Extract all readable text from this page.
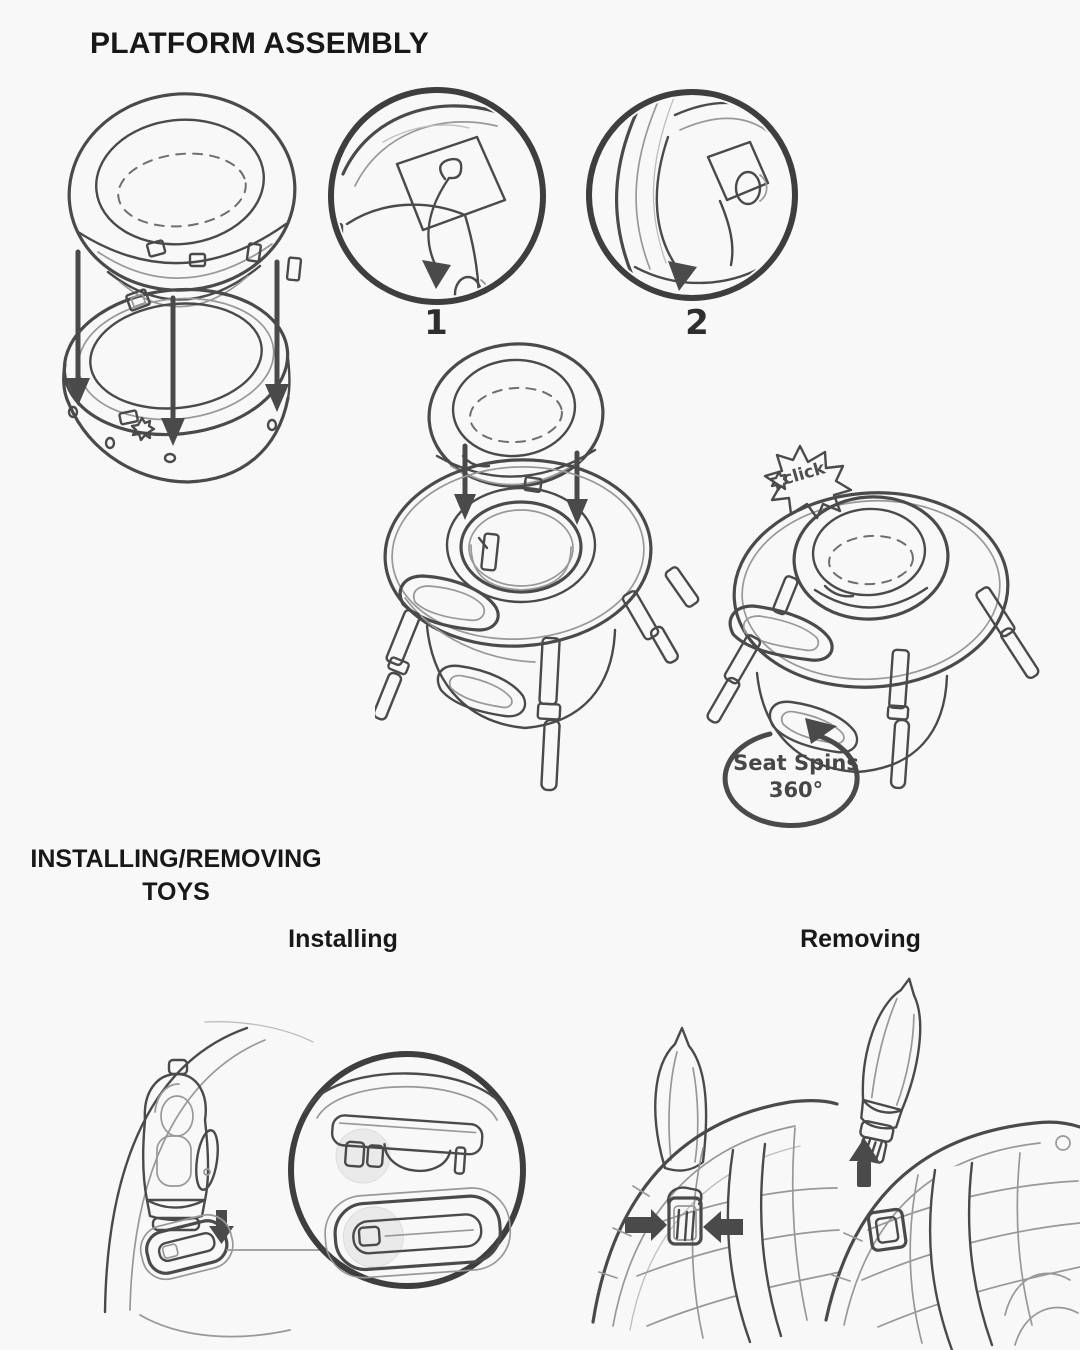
PLATFORM ASSEMBLY
1	2
click
Seat Spins
360°
INSTALLING/REMOVING
TOYS
Installing	Removing
